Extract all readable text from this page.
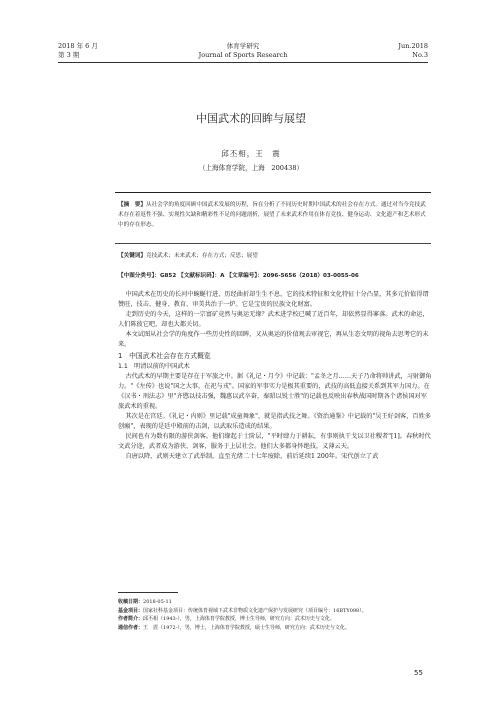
2018 年 6 月
第 3 期
体育学研究
Journal of Sports Research
Jun.2018
No.3
中国武术的回眸与展望
邱丕相，王　震
（上海体育学院，上海　200438）
【摘　要】从社会学的角度回顾中国武术发展的历程，旨在分析了不同历史时期中国武术的社会存在方式。通过对当今竞技武术存在着返性不强、实现性欠缺和精彩性不足的问题剖析，展望了未来武术作用在体育竞技、健身运动、文化遗产和艺术形式中的存在形态。
【关键词】竞技武术；未来武术；存在方式；反思；展望
【中图分类号】：G852 【文献标识码】：A 【文章编号】：2096-5656（2018）03-0055-06

中国武术在历史的长河中蜿蜒行进，历经曲折却生生不息。它的技术特征和文化特征十分凸显，其多元价值得谓赞旺，技击、健身、教育、审美共治于一炉。它是宝贵的民族文化财富。

走到历史的今天，这样的一宗富矿竟然与奥运无缘？武术进学校已喊了近百年，却依然显得寥落。武术的命运，人们陈彼它吧，却也大都关切。

本文试图从社会学的角度作一些历史性的回眸，又从奥运的价值观去审视它，再从生态文明的视角去思考它的未来。

1　中国武术社会存在方式概览

1.1　明清以前的中国武术

古代武术的早期主要是存在于军旅之中。据《礼记・月令》中记载："孟冬之月……天子乃命将帅讲武，习射御角力。"《左传》也说"国之大事，在祀与戎"。国家的军事实力是极其重要的，武技的高低直接关系到其军力国力。在《汉书・刑法志》里"齐愍以技击强，魏惠以武卒奋，秦昭以锐士胜"的记载也反映出春秋战国时期各个诸侯国对军旅武术的重视。

其次是在宫廷。《礼记・内则》里记载"成童舞象"，就是指武技之舞。《资治通鉴》中记载的"吴王好剑客，百姓多创瘢"，表现的是廷中殿前的击剑，以武取乐造成的结果。

民间也有为数有限的游侠剑客。他们缘起于士阶层，"平时肆力于耕耘，有事则执干戈以卫社稷者"[1]。春秋时代文武分途，武者成为游侠、剑客，服务于上层社会。他们大多都身怀绝技，义薄云天。

自唐以降，武则天建立了武举制，直至光绪二十七年废除，前后延续1 200年。宋代创立了武

收稿日期：2018-05-11
基金项目：国家社科基金项目：传统体育视域下武术非物质文化遗产保护与发展研究（项目编号：16BTY098）。
作者简介：邱丕相（1943-），男，上海体育学院教授，博士生导师，研究方向：武术历史与文化。
通信作者：王　震（1972-），男，博士，上海体育学院教授，硕士生导师，研究方向：武术历史与文化。
55
